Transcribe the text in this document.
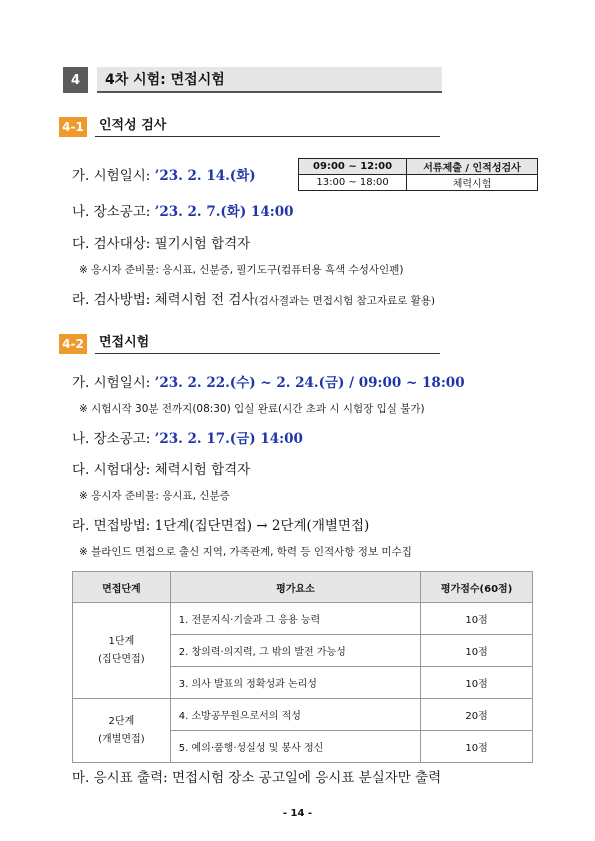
4	4차 시험: 면접시험
4-1	인적성 검사
가. 시험일시: ’23. 2. 14.(화)
09:00 ~ 12:00	서류제출 / 인적성검사
13:00 ~ 18:00	체력시험
나. 장소공고: ’23. 2. 7.(화) 14:00
다. 검사대상: 필기시험 합격자
※ 응시자 준비물: 응시표, 신분증, 필기도구(컴퓨터용 흑색 수성사인펜)
라. 검사방법: 체력시험 전 검사(검사결과는 면접시험 참고자료로 활용)
4-2	면접시험
가. 시험일시: ’23. 2. 22.(수) ~ 2. 24.(금) / 09:00 ~ 18:00
※ 시험시작 30분 전까지(08:30) 입실 완료(시간 초과 시 시험장 입실 불가)
나. 장소공고: ’23. 2. 17.(금) 14:00
다. 시험대상: 체력시험 합격자
※ 응시자 준비물: 응시표, 신분증
라. 면접방법: 1단계(집단면접) → 2단계(개별면접)
※ 블라인드 면접으로 출신 지역, 가족관계, 학력 등 인적사항 정보 미수집
면접단계	평가요소	평가점수(60점)
1단계
(집단면접)	1. 전문지식·기술과 그 응용 능력	10점
	2. 창의력·의지력, 그 밖의 발전 가능성	10점
	3. 의사 발표의 정확성과 논리성	10점
2단계
(개별면접)	4. 소방공무원으로서의 적성	20점
	5. 예의·품행·성실성 및 봉사 정신	10점
마. 응시표 출력: 면접시험 장소 공고일에 응시표 분실자만 출력
- 14 -
